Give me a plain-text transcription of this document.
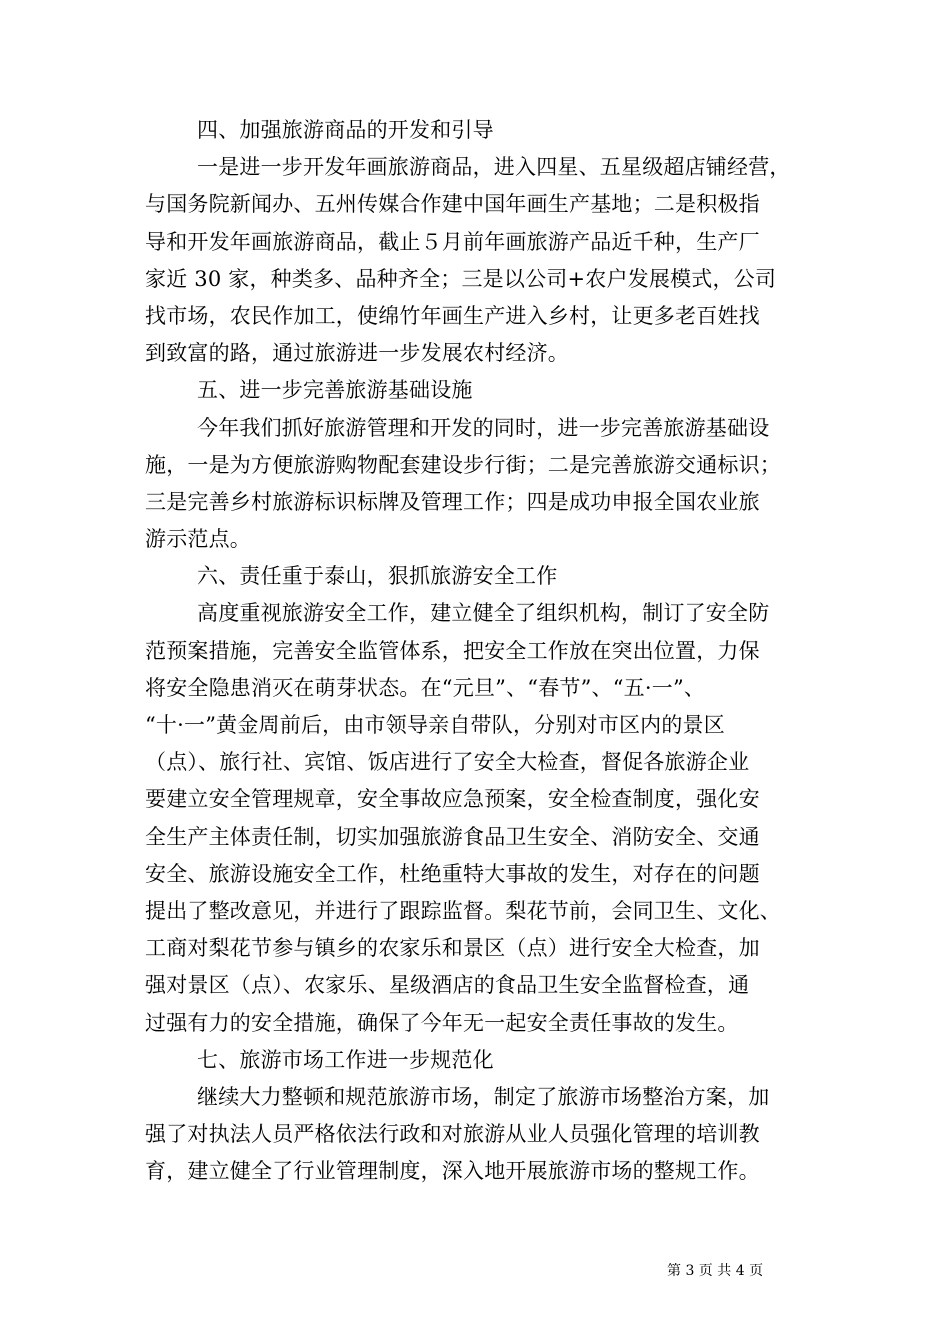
四、加强旅游商品的开发和引导
一是进一步开发年画旅游商品，进入四星、五星级超店铺经营，
与国务院新闻办、五州传媒合作建中国年画生产基地；二是积极指
导和开发年画旅游商品，截止５月前年画旅游产品近千种，生产厂
家近 30 家，种类多、品种齐全；三是以公司+农户发展模式，公司
找市场，农民作加工，使绵竹年画生产进入乡村，让更多老百姓找
到致富的路，通过旅游进一步发展农村经济。
五、进一步完善旅游基础设施
今年我们抓好旅游管理和开发的同时，进一步完善旅游基础设
施，一是为方便旅游购物配套建设步行街；二是完善旅游交通标识；
三是完善乡村旅游标识标牌及管理工作；四是成功申报全国农业旅
游示范点。
六、责任重于泰山，狠抓旅游安全工作
高度重视旅游安全工作，建立健全了组织机构，制订了安全防
范预案措施，完善安全监管体系，把安全工作放在突出位置，力保
将安全隐患消灭在萌芽状态。在“元旦”、“春节”、“五·一”、
“十·一”黄金周前后，由市领导亲自带队，分别对市区内的景区
（点）、旅行社、宾馆、饭店进行了安全大检查，督促各旅游企业
要建立安全管理规章，安全事故应急预案，安全检查制度，强化安
全生产主体责任制，切实加强旅游食品卫生安全、消防安全、交通
安全、旅游设施安全工作，杜绝重特大事故的发生，对存在的问题
提出了整改意见，并进行了跟踪监督。梨花节前，会同卫生、文化、
工商对梨花节参与镇乡的农家乐和景区（点）进行安全大检查，加
强对景区（点）、农家乐、星级酒店的食品卫生安全监督检查，通
过强有力的安全措施，确保了今年无一起安全责任事故的发生。
七、旅游市场工作进一步规范化
继续大力整顿和规范旅游市场，制定了旅游市场整治方案，加
强了对执法人员严格依法行政和对旅游从业人员强化管理的培训教
育，建立健全了行业管理制度，深入地开展旅游市场的整规工作。
第 3 页 共 4 页
